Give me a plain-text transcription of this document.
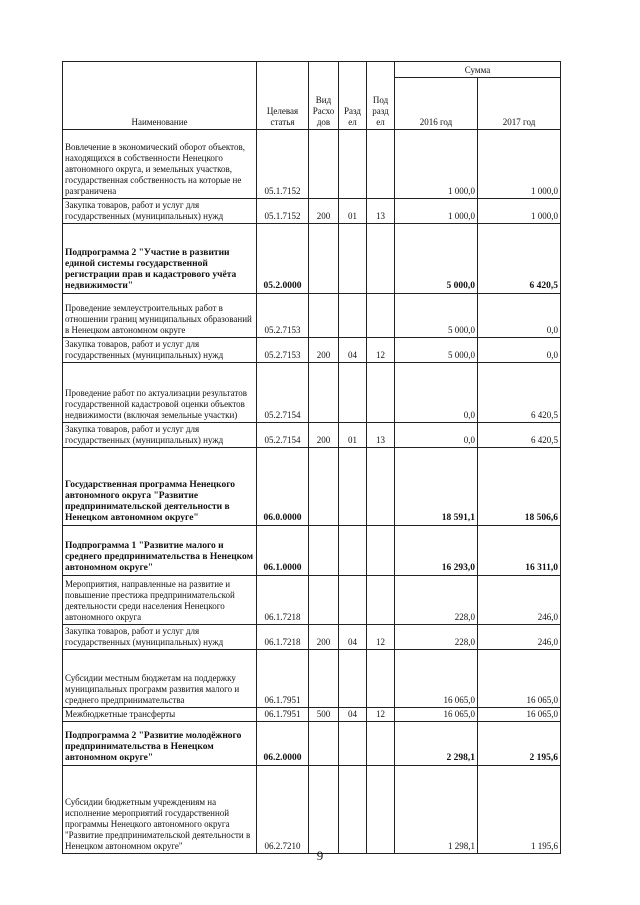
Наименование	Целевая статья	Вид Расхо дов	Разд ел	Под разд ел	Сумма	
					2016 год	2017 год
Вовлечение в экономический оборот объектов, находящихся в собственности Ненецкого автономного округа, и земельных участков, государственная собственность на которые не разграничена	05.1.7152				1 000,0	1 000,0
Закупка товаров, работ и услуг для государственных (муниципальных) нужд	05.1.7152	200	01	13	1 000,0	1 000,0
Подпрограмма 2 "Участие в развитии единой системы государственной регистрации прав и кадастрового учёта недвижимости"	05.2.0000				5 000,0	6 420,5
Проведение землеустроительных работ в отношении границ муниципальных образований в Ненецком автономном округе	05.2.7153				5 000,0	0,0
Закупка товаров, работ и услуг для государственных (муниципальных) нужд	05.2.7153	200	04	12	5 000,0	0,0
Проведение работ по актуализации результатов государственной кадастровой оценки объектов недвижимости (включая земельные участки)	05.2.7154				0,0	6 420,5
Закупка товаров, работ и услуг для государственных (муниципальных) нужд	05.2.7154	200	01	13	0,0	6 420,5
Государственная программа Ненецкого автономного округа "Развитие предпринимательской деятельности в Ненецком автономном округе"	06.0.0000				18 591,1	18 506,6
Подпрограмма 1 "Развитие малого и среднего предпринимательства в Ненецком автономном округе"	06.1.0000				16 293,0	16 311,0
Мероприятия, направленные на развитие и повышение престижа предпринимательской деятельности среди населения Ненецкого автономного округа	06.1.7218				228,0	246,0
Закупка товаров, работ и услуг для государственных (муниципальных) нужд	06.1.7218	200	04	12	228,0	246,0
Субсидии местным бюджетам на поддержку муниципальных программ развития малого и среднего предпринимательства	06.1.7951				16 065,0	16 065,0
Межбюджетные трансферты	06.1.7951	500	04	12	16 065,0	16 065,0
Подпрограмма 2 "Развитие молодёжного предпринимательства в Ненецком автономном округе"	06.2.0000				2 298,1	2 195,6
Субсидии бюджетным учреждениям на исполнение мероприятий государственной программы Ненецкого автономного округа "Развитие предпринимательской деятельности в Ненецком автономном округе"	06.2.7210				1 298,1	1 195,6
9
